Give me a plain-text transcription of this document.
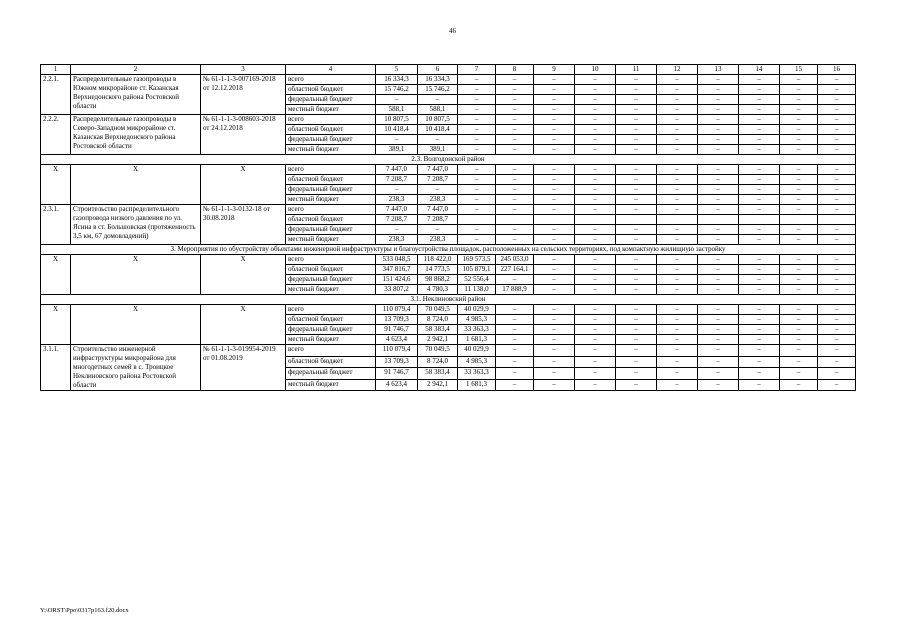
46
1	2	3	4	5	6	7	8	9	10	11	12	13	14	15	16
2.2.1.	Распределительные газопроводы в Южном микрорайоне ст. Казанская Верхнедонского района Ростовской области	№ 61-1-1-3-007169-2018 от 12.12.2018	всего	16 334,3	16 334,3	–	–	–	–	–	–	–	–	–	–
			областной бюджет	15 746,2	15 746,2	–	–	–	–	–	–	–	–	–	–
			федеральный бюджет	–	–	–	–	–	–	–	–	–	–	–	–
			местный бюджет	588,1	588,1	–	–	–	–	–	–	–	–	–	–
2.2.2.	Распределительные газопроводы в Северо-Западном микрорайоне ст. Казанская Верхнедонского района Ростовской области	№ 61-1-1-3-008603-2018 от 24.12.2018	всего	10 807,5	10 807,5	–	–	–	–	–	–	–	–	–	–
			областной бюджет	10 418,4	10 418,4	–	–	–	–	–	–	–	–	–	–
			федеральный бюджет	–	–	–	–	–	–	–	–	–	–	–	–
			местный бюджет	389,1	389,1	–	–	–	–	–	–	–	–	–	–
2.3. Волгодонской район															
Х	Х	Х	всего	7 447,0	7 447,0	–	–	–	–	–	–	–	–	–	–
			областной бюджет	7 208,7	7 208,7	–	–	–	–	–	–	–	–	–	–
			федеральный бюджет	–	–	–	–	–	–	–	–	–	–	–	–
			местный бюджет	238,3	238,3	–	–	–	–	–	–	–	–	–	–
2.3.1.	Строительство распределительного газопровода низкого давления по ул. Ясина в ст. Большовская (протяженность 3,5 км, 67 домовладений)	№ 61-1-1-3-0132-18 от 30.08.2018	всего	7 447,0	7 447,0	–	–	–	–	–	–	–	–	–	–
			областной бюджет	7 208,7	7 208,7										
			федеральный бюджет	–	–	–	–	–	–	–	–	–	–	–	–
			местный бюджет	238,3	238,3	–	–	–	–	–	–	–	–	–	–
3. Мероприятия по обустройству объектами инженерной инфраструктуры и благоустройства площадок, расположенных на сельских территориях, под компактную жилищную застройку															
Х	Х	Х	всего	533 048,5	118 422,0	169 573,5	245 053,0	–	–	–	–	–	–	–	–
			областной бюджет	347 816,7	14 773,5	105 879,1	227 164,1	–	–	–	–	–	–	–	–
			федеральный бюджет	151 424,6	98 868,2	52 556,4	–	–	–	–	–	–	–	–	–
			местный бюджет	33 807,2	4 780,3	11 138,0	17 888,9	–	–	–	–	–	–	–	–
3.1. Неклиновский район															
Х	Х	Х	всего	110 079,4	70 049,5	40 029,9	–	–	–	–	–	–	–	–	–
			областной бюджет	13 709,3	8 724,0	4 985,3	–	–	–	–	–	–	–	–	–
			федеральный бюджет	91 746,7	58 383,4	33 363,3	–	–	–	–	–	–	–	–	–
			местный бюджет	4 623,4	2 942,1	1 681,3	–	–	–	–	–	–	–	–	–
3.1.1.	Строительство инженерной инфраструктуры микрорайона для многодетных семей в с. Троицкое Неклиновского района Ростовской области	№ 61-1-1-3-019954-2019 от 01.08.2019	всего	110 079,4	70 049,5	40 029,9	–	–	–	–	–	–	–	–	–
			областной бюджет	13 709,3	8 724,0	4 985,3	–	–	–	–	–	–	–	–	–
			федеральный бюджет	91 746,7	58 383,4	33 363,3	–	–	–	–	–	–	–	–	–
			местный бюджет	4 623,4	2 942,1	1 681,3	–	–	–	–	–	–	–	–	–
Y:\ORST\Ppo\0317p163.f20.docx
